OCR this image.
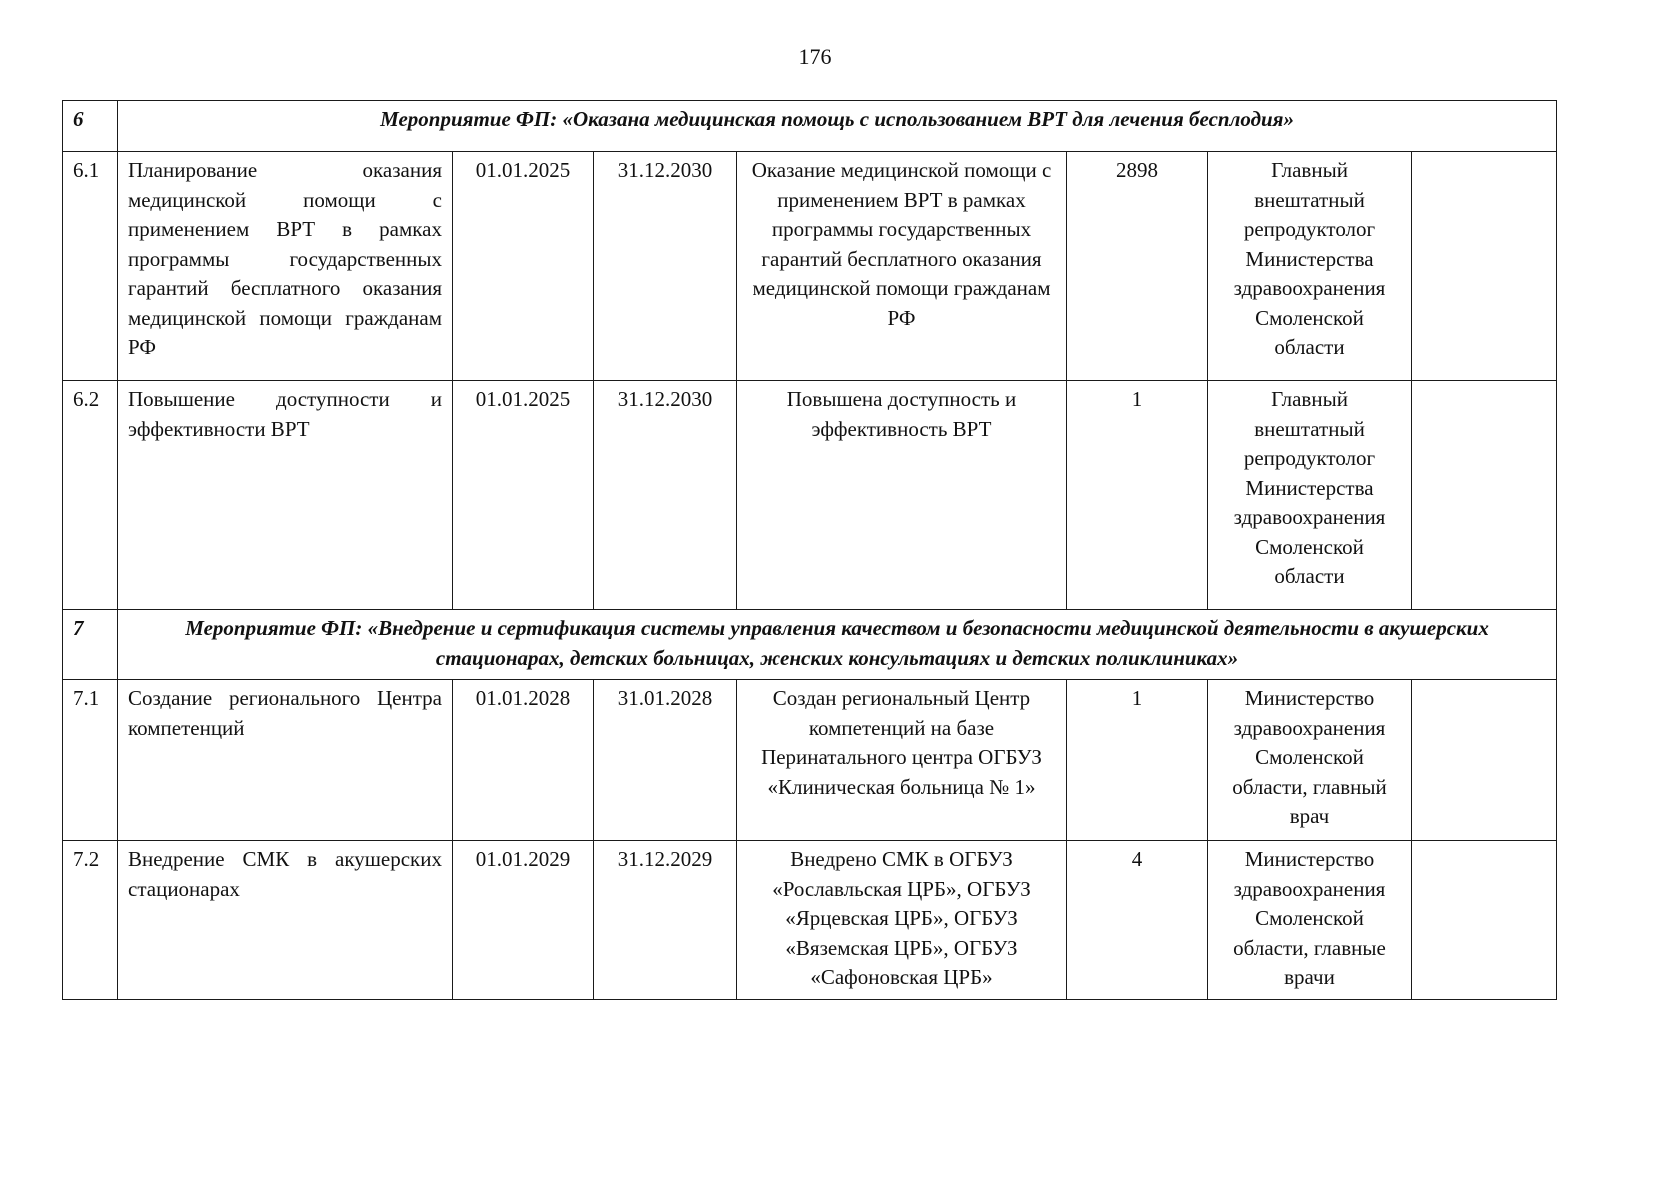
176
6	Мероприятие ФП: «Оказана медицинская помощь с использованием ВРТ для лечения бесплодия»						
6.1	Планирование оказания медицинской помощи с применением ВРТ в рамках программы государственных гарантий бесплатного оказания медицинской помощи гражданам РФ	01.01.2025	31.12.2030	Оказание медицинской помощи с применением ВРТ в рамках программы государственных гарантий бесплатного оказания медицинской помощи гражданам РФ	2898	Главный внештатный репродуктолог Министерства здравоохранения Смоленской области	
6.2	Повышение доступности и эффективности ВРТ	01.01.2025	31.12.2030	Повышена доступность и эффективность ВРТ	1	Главный внештатный репродуктолог Министерства здравоохранения Смоленской области	
7	Мероприятие ФП: «Внедрение и сертификация системы управления качеством и безопасности медицинской деятельности в акушерских стационарах, детских больницах, женских консультациях и детских поликлиниках»						
7.1	Создание регионального Центра компетенций	01.01.2028	31.01.2028	Создан региональный Центр компетенций на базе Перинатального центра ОГБУЗ «Клиническая больница № 1»	1	Министерство здравоохранения Смоленской области, главный врач	
7.2	Внедрение СМК в акушерских стационарах	01.01.2029	31.12.2029	Внедрено СМК в ОГБУЗ «Рославльская ЦРБ», ОГБУЗ «Ярцевская ЦРБ», ОГБУЗ «Вяземская ЦРБ», ОГБУЗ «Сафоновская ЦРБ»	4	Министерство здравоохранения Смоленской области, главные врачи	
